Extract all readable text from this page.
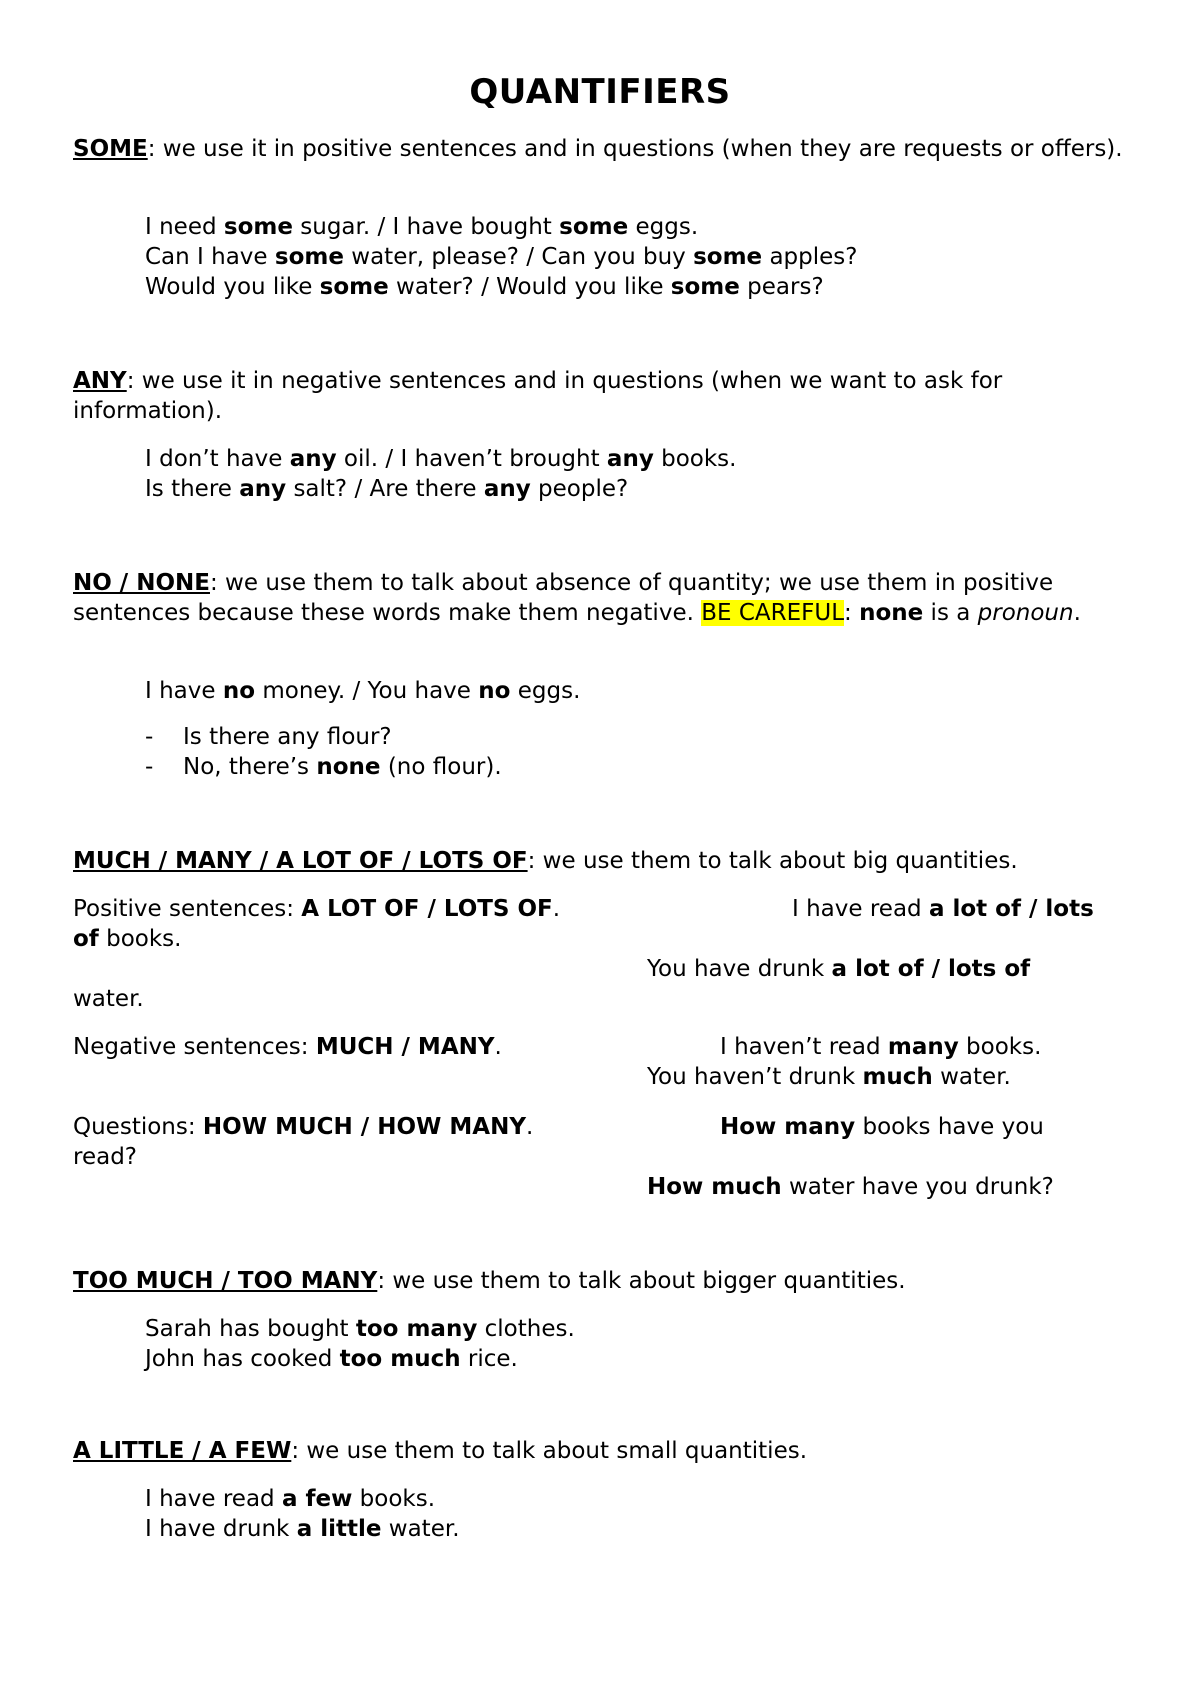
QUANTIFIERS

SOME: we use it in positive sentences and in questions (when they are requests or offers).

I need some sugar. / I have bought some eggs.

Can I have some water, please? / Can you buy some apples?

Would you like some water? / Would you like some pears?

ANY: we use it in negative sentences and in questions (when we want to ask for information).

I don’t have any oil. / I haven’t brought any books.

Is there any salt? / Are there any people?

NO / NONE: we use them to talk about absence of quantity; we use them in positive sentences because these words make them negative. BE CAREFUL: none is a pronoun.

I have no money. / You have no eggs.

-	Is there any flour?

-	No, there’s none (no flour).

MUCH / MANY / A LOT OF / LOTS OF: we use them to talk about big quantities.

Positive sentences: A LOT OF / LOTS OF.	I have read a lot of / lots

of books.

You have drunk a lot of / lots of

water.

Negative sentences: MUCH / MANY.	I haven’t read many books.

You haven’t drunk much water.

Questions: HOW MUCH / HOW MANY.	How many books have you

read?

How much water have you drunk?

TOO MUCH / TOO MANY: we use them to talk about bigger quantities.

Sarah has bought too many clothes.

John has cooked too much rice.

A LITTLE / A FEW: we use them to talk about small quantities.

I have read a few books.

I have drunk a little water.
